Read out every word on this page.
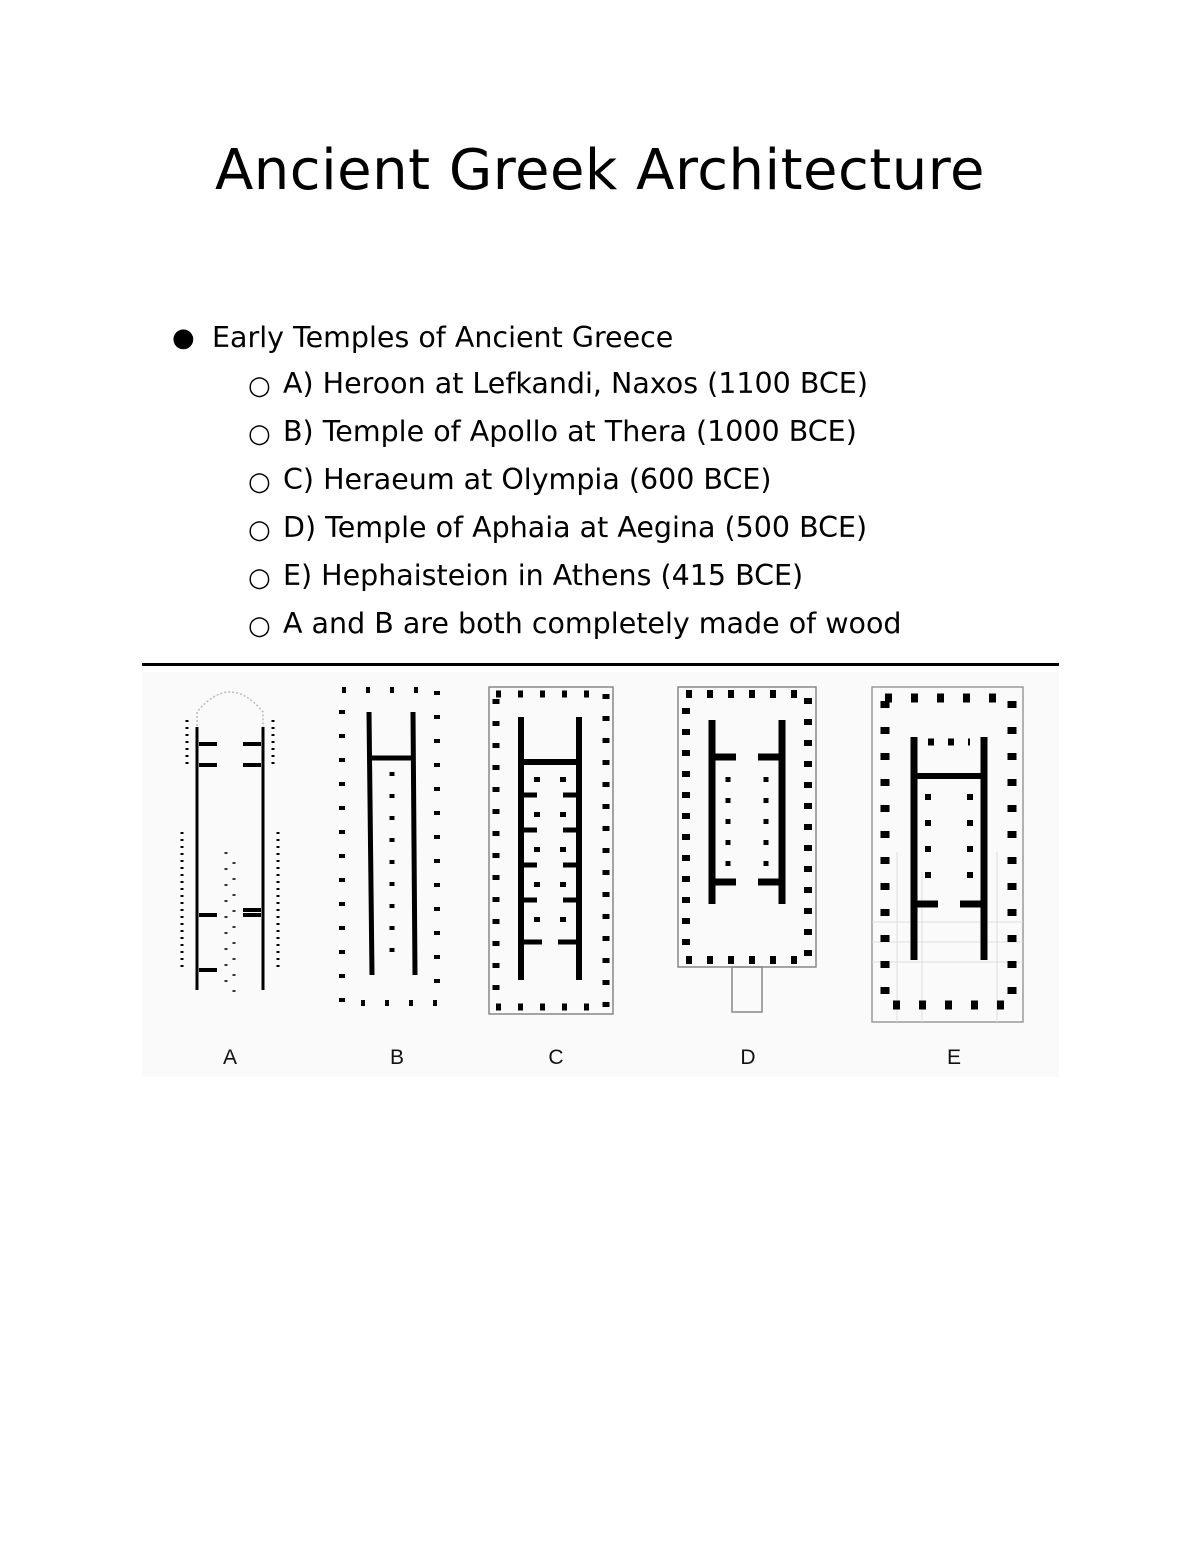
Ancient Greek Architecture
● Early Temples of Ancient Greece
○ A) Heroon at Lefkandi, Naxos (1100 BCE)
○ B) Temple of Apollo at Thera (1000 BCE)
○ C) Heraeum at Olympia (600 BCE)
○ D) Temple of Aphaia at Aegina (500 BCE)
○ E) Hephaisteion in Athens (415 BCE)
○ A and B are both completely made of wood
A	B	C	D	E
